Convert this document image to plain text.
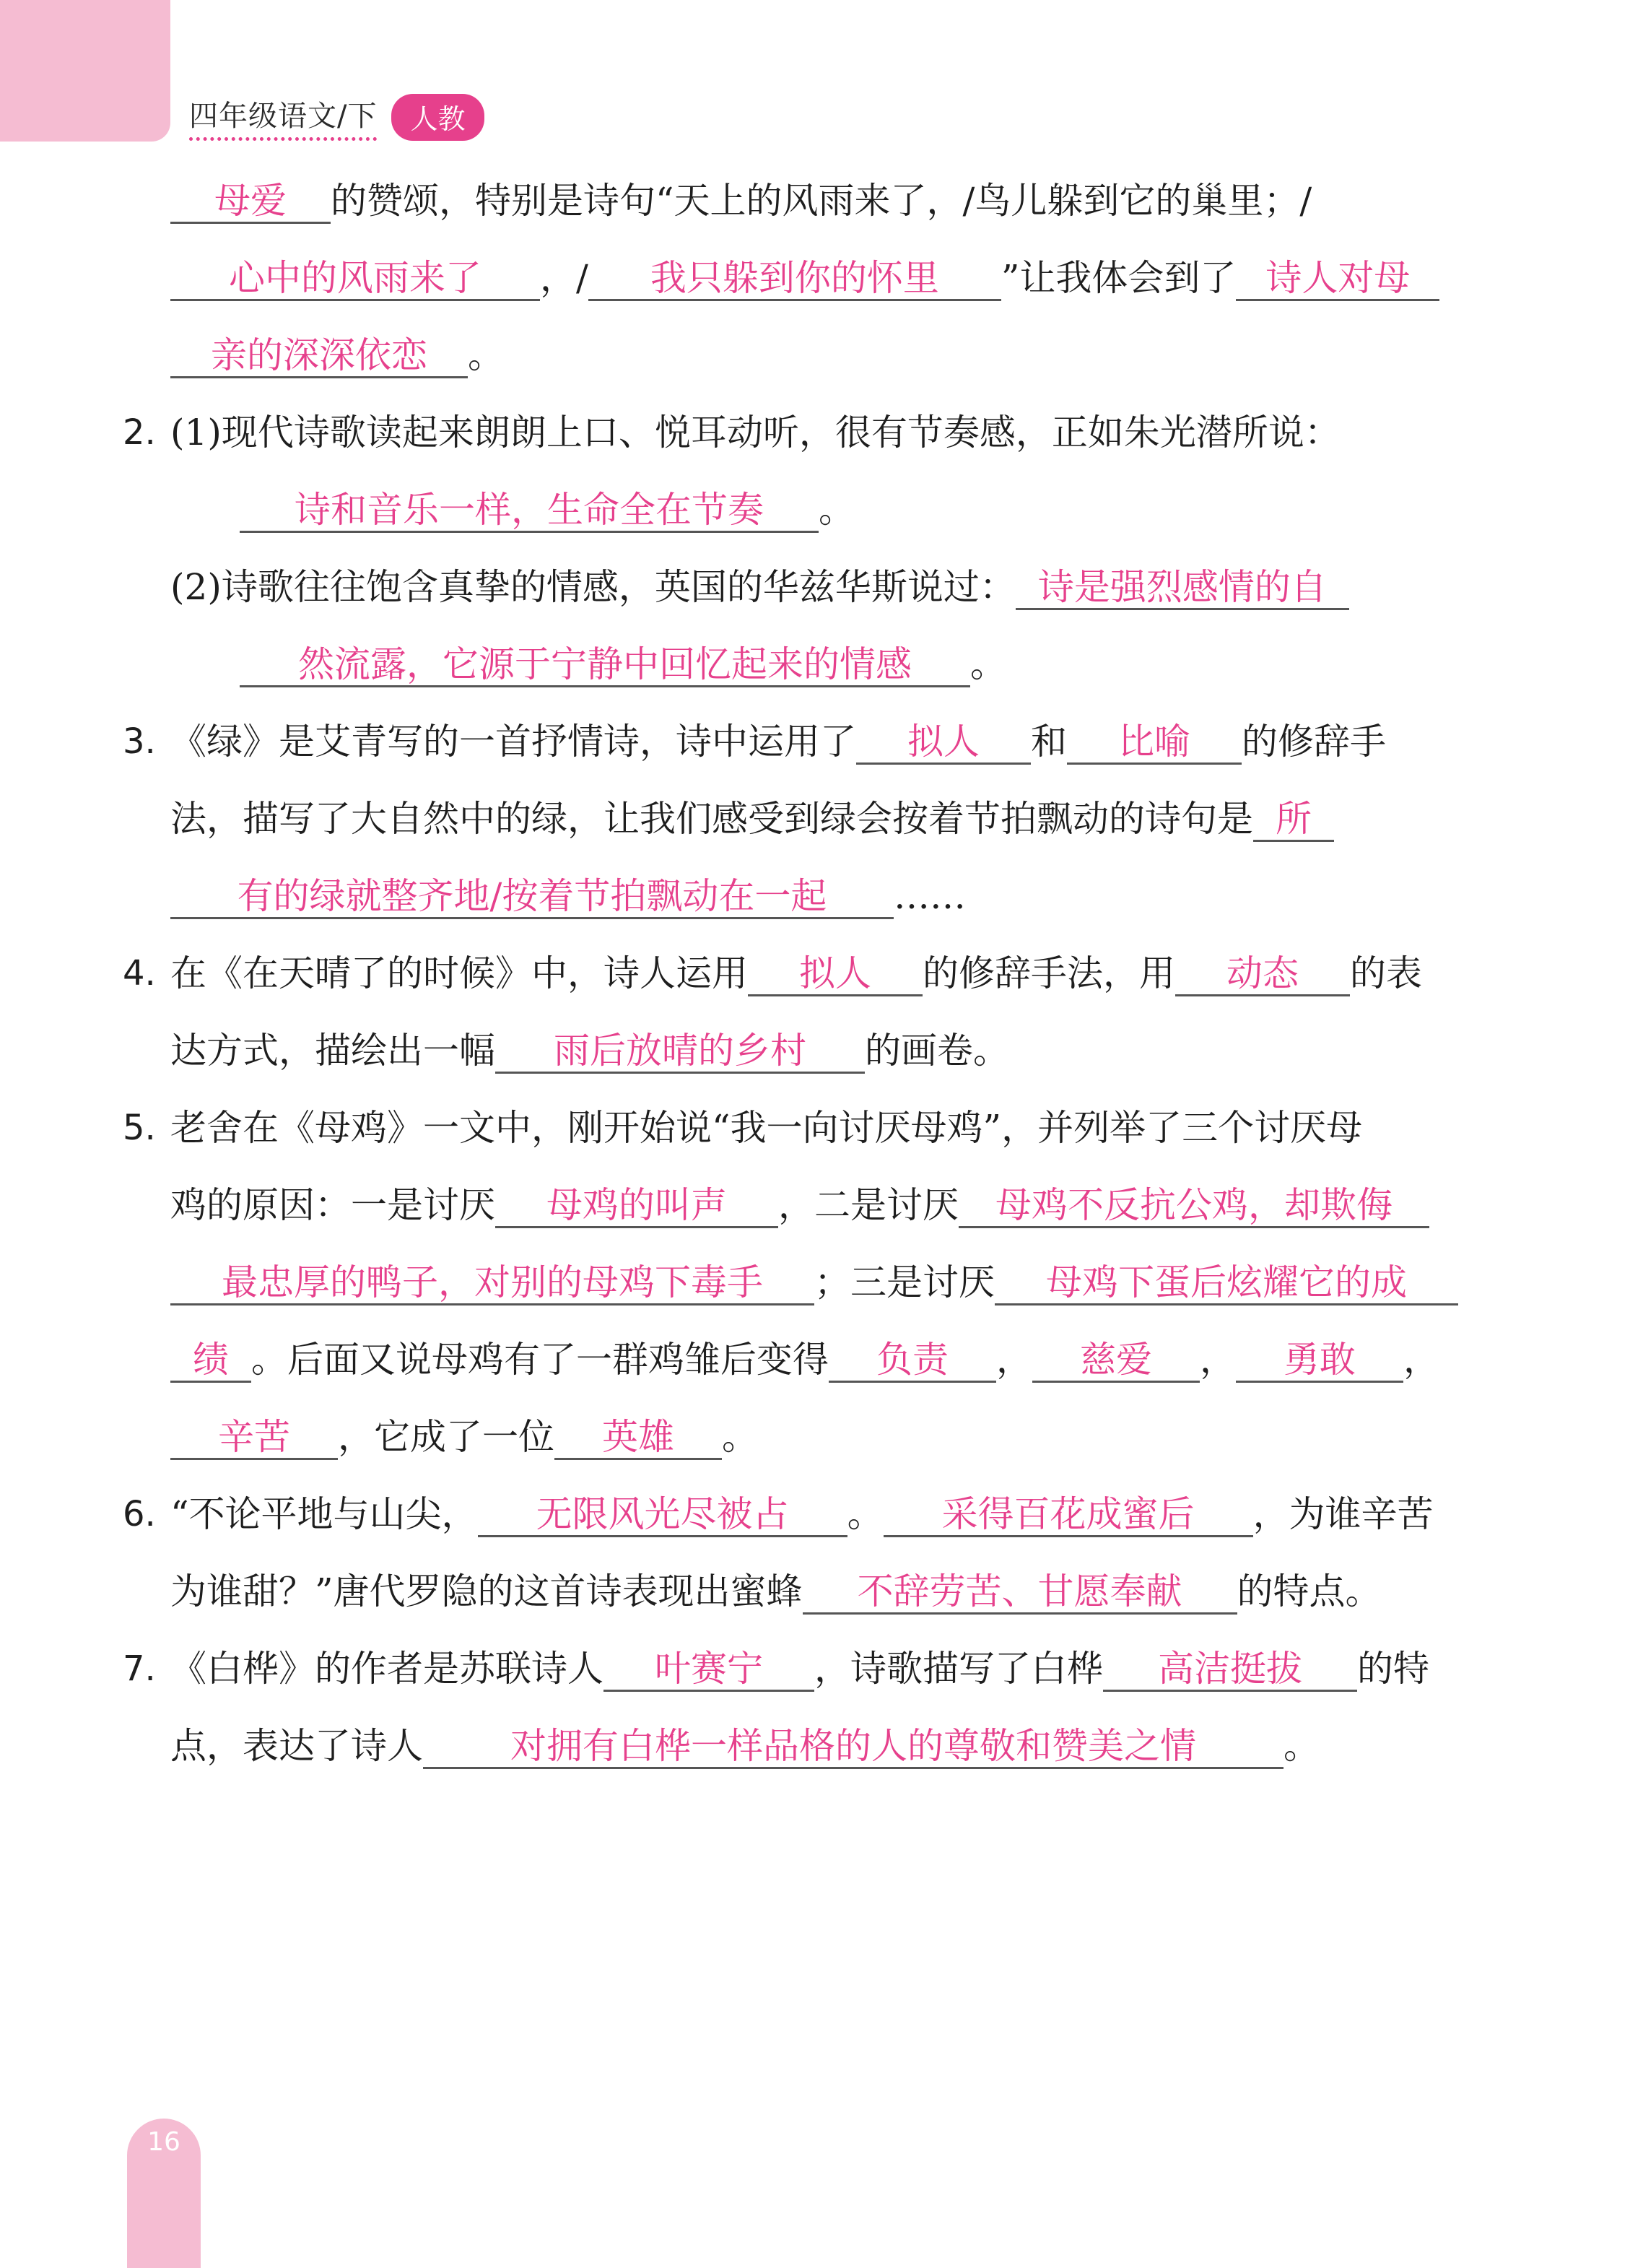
四年级语文/下	人教
母爱 的赞颂，特别是诗句“天上的风雨来了，/鸟儿躲到它的巢里；/
心中的风雨来了 ，/ 我只躲到你的怀里 ”让我体会到了 诗人对母
亲的深深依恋 。
2. (1)现代诗歌读起来朗朗上口、悦耳动听，很有节奏感，正如朱光潜所说：
诗和音乐一样，生命全在节奏 。
(2)诗歌往往饱含真挚的情感，英国的华兹华斯说过： 诗是强烈感情的自
然流露，它源于宁静中回忆起来的情感 。
3. 《绿》是艾青写的一首抒情诗，诗中运用了 拟人 和 比喻 的修辞手
法，描写了大自然中的绿，让我们感受到绿会按着节拍飘动的诗句是 所
有的绿就整齐地/按着节拍飘动在一起 ……
4. 在《在天晴了的时候》中，诗人运用 拟人 的修辞手法，用 动态 的表
达方式，描绘出一幅 雨后放晴的乡村 的画卷。
5. 老舍在《母鸡》一文中，刚开始说“我一向讨厌母鸡”，并列举了三个讨厌母
鸡的原因：一是讨厌 母鸡的叫声 ，二是讨厌 母鸡不反抗公鸡，却欺侮
最忠厚的鸭子，对别的母鸡下毒手 ；三是讨厌 母鸡下蛋后炫耀它的成
绩 。后面又说母鸡有了一群鸡雏后变得 负责 ， 慈爱 ， 勇敢 ，
辛苦 ，它成了一位 英雄 。
6. “不论平地与山尖， 无限风光尽被占 。 采得百花成蜜后 ，为谁辛苦
为谁甜？”唐代罗隐的这首诗表现出蜜蜂 不辞劳苦、甘愿奉献 的特点。
7. 《白桦》的作者是苏联诗人 叶赛宁 ，诗歌描写了白桦 高洁挺拔 的特
点，表达了诗人 对拥有白桦一样品格的人的尊敬和赞美之情 。
16
